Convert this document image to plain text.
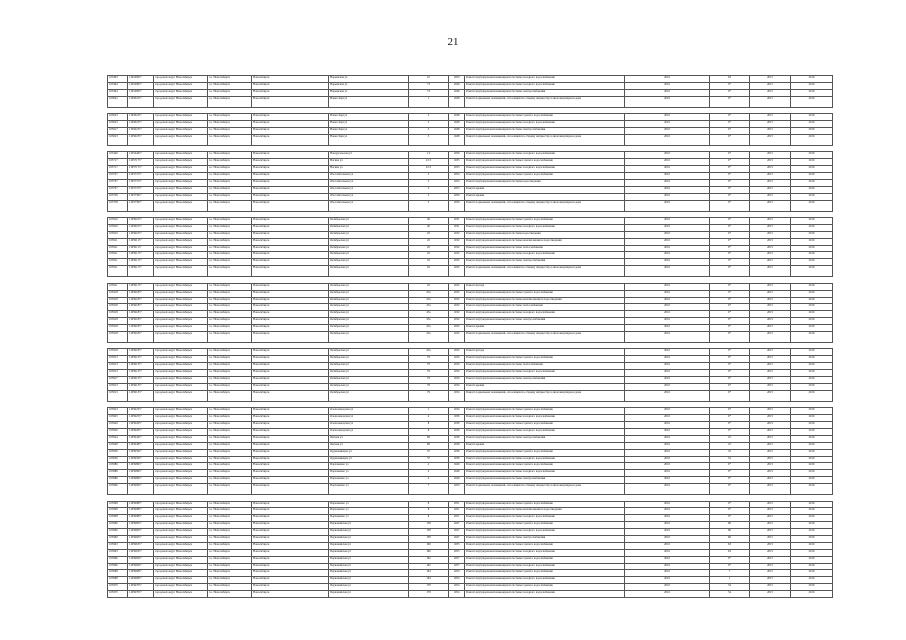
21
105493	1105496??	городской округ Новосибирск	г.о. Новосибирск	Новосибирск	Нарымская ул	47	1950	Ремонт внутридомовой инженерной системы холодного водоснабжения	2016	63	2015	2016
105494	1105496??	городской округ Новосибирск	г.о. Новосибирск	Новосибирск	Нарымская ул	73	1949	Ремонт внутридомовой инженерной системы холодного водоснабжения	2016	9*	2015	2016
105494	1105496??	городской округ Новосибирск	г.о. Новосибирск	Новосибирск	Нарымская ул	73	1949	Ремонт внутридомовой инженерной системы электроснабжения	2016	9*	2015	2016
105622	1105622??	городской округ Новосибирск	г.о. Новосибирск	Новосибирск	Новая Заря ул	1	1948	Ремонт подвальных помещений, относящихся к общему имуществу в многоквартирном доме	2016	9*	2015	2016

105623	1105623??	городской округ Новосибирск	г.о. Новосибирск	Новосибирск	Новая Заря ул	3	1948	Ремонт внутридомовой инженерной системы горячего водоснабжения	2016	9*	2015	2016
105623	1105623??	городской округ Новосибирск	г.о. Новосибирск	Новосибирск	Новая Заря ул	3	1948	Ремонт внутридомовой инженерной системы холодного водоснабжения	2016	9*	2015	2016
105617	1105623??	городской округ Новосибирск	г.о. Новосибирск	Новосибирск	Новая Заря ул	3	1948	Ремонт внутридомовой инженерной системы электроснабжения	2016	9*	2015	2016
105623	1105623??	городской округ Новосибирск	г.о. Новосибирск	Новосибирск	Новая Заря ул	3	1948	Ремонт подвальных помещений, относящихся к общему имуществу в многоквартирном доме	2016	9*	2015	2016

105446	1105446??	городской округ Новосибирск	г.о. Новосибирск	Новосибирск	Новоуральская ул	14	1956	Ремонт внутридомовой инженерной системы холодного водоснабжения	2016	9*	2015	2016
105717	1105717??	городской округ Новосибирск	г.о. Новосибирск	Новосибирск	Ногина ул	2/13	1935	Ремонт внутридомовой инженерной системы горячего водоснабжения	2016	9*	2015	2016
105717	1105717??	городской округ Новосибирск	г.о. Новосибирск	Новосибирск	Ногина ул	2/13	1935	Ремонт внутридомовой инженерной системы холодного водоснабжения	2016	9*	2015	2016
105737	1105737??	городской округ Новосибирск	г.о. Новосибирск	Новосибирск	Обогатительная ул	3	1954	Ремонт внутридомовой инженерной системы горячего водоснабжения	2016	9*	2015	2016
105737	1105737??	городской округ Новосибирск	г.о. Новосибирск	Новосибирск	Обогатительная ул	3	1954	Ремонт внутридомовой инженерной системы водоотведения	2016	9*	2015	2016
105737	1105737??	городской округ Новосибирск	г.о. Новосибирск	Новосибирск	Обогатительная ул	3	1955	Ремонт крыши	2016	9*	2015	2016
105739	1105739??	городской округ Новосибирск	г.о. Новосибирск	Новосибирск	Обогатительная ул	5	1956	Ремонт крыши	2016	9*	2015	2016
105738	1105739??	городской округ Новосибирск	г.о. Новосибирск	Новосибирск	Обогатительная ул	5	1956	Ремонт подвальных помещений, относящихся к общему имуществу в многоквартирном доме	2016	9*	2015	2016

105910	1105910??	городской округ Новосибирск	г.о. Новосибирск	Новосибирск	Октябрьская ул	40	1931	Ремонт внутридомовой инженерной системы горячего водоснабжения	2016	9*	2015	2016
105910	1105910??	городской округ Новосибирск	г.о. Новосибирск	Новосибирск	Октябрьская ул	40	1931	Ремонт внутридомовой инженерной системы холодного водоснабжения	2016	9*	2015	2016
105910	1105910??	городской округ Новосибирск	г.о. Новосибирск	Новосибирск	Октябрьская ул	45	1932	Ремонт внутридомовой инженерной системы водоотведения	2016	9*	2015	2016
105911	1105911??	городской округ Новосибирск	г.о. Новосибирск	Новосибирск	Октябрьская ул	45	1932	Ремонт внутридомовой инженерной системы канализования и водоотведения	2016	9*	2015	2016
105911	1105911??	городской округ Новосибирск	г.о. Новосибирск	Новосибирск	Октябрьская ул	45	1932	Ремонт внутридомовой инженерной системы теплоснабжения	2016	9*	2015	2016
105911	1105911??	городской округ Новосибирск	г.о. Новосибирск	Новосибирск	Октябрьская ул	45	1932	Ремонт внутридомовой инженерной системы холодного водоснабжения	2016	9*	2015	2016
105911	1105911??	городской округ Новосибирск	г.о. Новосибирск	Новосибирск	Октябрьская ул	45	1932	Ремонт внутридомовой инженерной системы электроснабжения	2016	9*	2015	2016
105911	1105911??	городской округ Новосибирск	г.о. Новосибирск	Новосибирск	Октябрьская ул	45	1932	Ремонт подвальных помещений, относящихся к общему имуществу в многоквартирном доме	2016	9*	2015	2016

105911	1105911??	городской округ Новосибирск	г.о. Новосибирск	Новосибирск	Октябрьская ул	45	1932	Ремонт фасада	2016	9*	2015	2016
105918	1105918??	городской округ Новосибирск	г.о. Новосибирск	Новосибирск	Октябрьская ул	45а	1932	Ремонт внутридомовой инженерной системы горячего водоснабжения	2016	9*	2015	2016
105918	1105918??	городской округ Новосибирск	г.о. Новосибирск	Новосибирск	Октябрьская ул	45а	1932	Ремонт внутридомовой инженерной системы канализования и водоотведения	2016	9*	2015	2016
105918	1105918??	городской округ Новосибирск	г.о. Новосибирск	Новосибирск	Октябрьская ул	45а	1932	Ремонт внутридомовой инженерной системы теплоснабжения	2016	9*	2015	2016
105918	1105918??	городской округ Новосибирск	г.о. Новосибирск	Новосибирск	Октябрьская ул	45а	1932	Ремонт внутридомовой инженерной системы холодного водоснабжения	2016	9*	2015	2016
105918	1105918??	городской округ Новосибирск	г.о. Новосибирск	Новосибирск	Октябрьская ул	45а	1932	Ремонт внутридомовой инженерной системы электроснабжения	2016	9*	2015	2016
105918	1105918??	городской округ Новосибирск	г.о. Новосибирск	Новосибирск	Октябрьская ул	45а	1932	Ремонт крыши	2016	9*	2015	2016
105918	1105918??	городской округ Новосибирск	г.о. Новосибирск	Новосибирск	Октябрьская ул	45а	1932	Ремонт подвальных помещений, относящихся к общему имуществу в многоквартирном доме	2016	9*	2015	2016

105918	1105918??	городской округ Новосибирск	г.о. Новосибирск	Новосибирск	Октябрьская ул	45а	1932	Ремонт фасада	2016	9*	2015	2016
105913	1105913??	городской округ Новосибирск	г.о. Новосибирск	Новосибирск	Октябрьская ул	79	1934	Ремонт внутридомовой инженерной системы горячего водоснабжения	2016	9*	2015	2016
105913	1105913??	городской округ Новосибирск	г.о. Новосибирск	Новосибирск	Октябрьская ул	79	1934	Ремонт внутридомовой инженерной системы теплоснабжения	2016	9*	2015	2016
105913	1105913??	городской округ Новосибирск	г.о. Новосибирск	Новосибирск	Октябрьская ул	79	1934	Ремонт внутридомовой инженерной системы холодного водоснабжения	2016	9*	2015	2016
105917	1105913??	городской округ Новосибирск	г.о. Новосибирск	Новосибирск	Октябрьская ул	79	1934	Ремонт внутридомовой инженерной системы электроснабжения	2016	9*	2015	2016
105913	1105913??	городской округ Новосибирск	г.о. Новосибирск	Новосибирск	Октябрьская ул	79	1934	Ремонт крыши	2016	9*	2015	2016
105913	1105913??	городской округ Новосибирск	г.о. Новосибирск	Новосибирск	Октябрьская ул	79	1934	Ремонт подвальных помещений, относящихся к общему имуществу в многоквартирном доме	2016	9*	2015	2016

105923	1105923??	городской округ Новосибирск	г.о. Новосибирск	Новосибирск	Оловозаводская ул	1	1934	Ремонт внутридомовой инженерной системы горячего водоснабжения	2016	9*	2015	2016
105925	1105925??	городской округ Новосибирск	г.о. Новосибирск	Новосибирск	Оловозаводская ул	4	1936	Ремонт внутридомовой инженерной системы холодного водоснабжения	2016	9*	2015	2016
105926	1105926??	городской округ Новосибирск	г.о. Новосибирск	Новосибирск	Оловозаводская ул	8	1936	Ремонт внутридомовой инженерной системы горячего водоснабжения	2016	9*	2015	2016
105926	1105926??	городской округ Новосибирск	г.о. Новосибирск	Новосибирск	Оловозаводская ул	8	1936	Ремонт внутридомовой инженерной системы холодного водоснабжения	2016	9*	2015	2016
105944	1105944??	городской округ Новосибирск	г.о. Новосибирск	Новосибирск	Омская ул	89	1936	Ремонт внутридомовой инженерной системы электроснабжения	2016	47	2015	2016
105948	1105948??	городской округ Новосибирск	г.о. Новосибирск	Новосибирск	Омская ул	89	1936	Ремонт крыши	2016	47	2015	2016
105956	1105956??	городской округ Новосибирск	г.о. Новосибирск	Новосибирск	Орджоникидзе ул	37	1936	Ремонт внутридомовой инженерной системы горячего водоснабжения	2016	52	2015	2016
105956	1105956??	городской округ Новосибирск	г.о. Новосибирск	Новосибирск	Орджоникидзе ул	37	1936	Ремонт внутридомовой инженерной системы холодного водоснабжения	2016	52	2015	2016
105986	1105986??	городской округ Новосибирск	г.о. Новосибирск	Новосибирск	Пархоменко ул	4	1949	Ремонт внутридомовой инженерной системы горячего водоснабжения	2016	9*	2015	2016
105986	1105986??	городской округ Новосибирск	г.о. Новосибирск	Новосибирск	Пархоменко ул	4	1949	Ремонт внутридомовой инженерной системы холодного водоснабжения	2016	9*	2015	2016
105986	1105986??	городской округ Новосибирск	г.о. Новосибирск	Новосибирск	Пархоменко ул	4	1949	Ремонт внутридомовой инженерной системы электроснабжения	2016	9*	2015	2016
105996	1105996??	городской округ Новосибирск	г.о. Новосибирск	Новосибирск	Пархоменко ул	7	1950	Ремонт подвальных помещений, относящихся к общему имуществу в многоквартирном доме	2016	9*	2015	2016

105998	1105998??	городской округ Новосибирск	г.о. Новосибирск	Новосибирск	Пархоменко ул	8	1951	Ремонт внутридомовой инженерной системы горячего водоснабжения	2016	9*	2015	2016
105998	1105998??	городской округ Новосибирск	г.о. Новосибирск	Новосибирск	Пархоменко ул	8	1951	Ремонт внутридомовой инженерной системы канализования и водоотведения	2016	9*	2015	2016
105998	1105998??	городской округ Новосибирск	г.о. Новосибирск	Новосибирск	Пархоменко ул	8	1951	Ремонт внутридомовой инженерной системы холодного водоснабжения	2016	9*	2015	2016
105960	1105960??	городской округ Новосибирск	г.о. Новосибирск	Новосибирск	Первомайская ул	158	1947	Ремонт внутридомовой инженерной системы горячего водоснабжения	2016	60	2015	2016
105960	1105960??	городской округ Новосибирск	г.о. Новосибирск	Новосибирск	Первомайская ул	158	1947	Ремонт внутридомовой инженерной системы холодного водоснабжения	2016	60	2015	2016
105960	1105960??	городской округ Новосибирск	г.о. Новосибирск	Новосибирск	Первомайская ул	158	1947	Ремонт внутридомовой инженерной системы электроснабжения	2016	60	2015	2016
105963	1105963??	городской округ Новосибирск	г.о. Новосибирск	Новосибирск	Первомайская ул	160	1933	Ремонт внутридомовой инженерной системы горячего водоснабжения	2016	63	2015	2016
105963	1105963??	городской округ Новосибирск	г.о. Новосибирск	Новосибирск	Первомайская ул	160	1955	Ремонт внутридомовой инженерной системы холодного водоснабжения	2016	63	2015	2016
105966	1105966??	городской округ Новосибирск	г.о. Новосибирск	Новосибирск	Первомайская ул	162	1957	Ремонт внутридомовой инженерной системы горячего водоснабжения	2016	9*	2015	2016
105966	1105966??	городской округ Новосибирск	г.о. Новосибирск	Новосибирск	Первомайская ул	162	1957	Ремонт внутридомовой инженерной системы холодного водоснабжения	2016	9*	2015	2016
105968	1105968??	городской округ Новосибирск	г.о. Новосибирск	Новосибирск	Первомайская ул	164	1954	Ремонт внутридомовой инженерной системы горячего водоснабжения	2016	7	2015	2016
105968	1105968??	городской округ Новосибирск	г.о. Новосибирск	Новосибирск	Первомайская ул	164	1954	Ремонт внутридомовой инженерной системы холодного водоснабжения	2016	1	2015	2016
105970	1105970??	городской округ Новосибирск	г.о. Новосибирск	Новосибирск	Первомайская ул	170	1954	Ремонт внутридомовой инженерной системы горячего водоснабжения	2016	54	2015	2016
105970	1105970??	городской округ Новосибирск	г.о. Новосибирск	Новосибирск	Первомайская ул	170	1954	Ремонт внутридомовой инженерной системы холодного водоснабжения	2016	54	2015	2016
